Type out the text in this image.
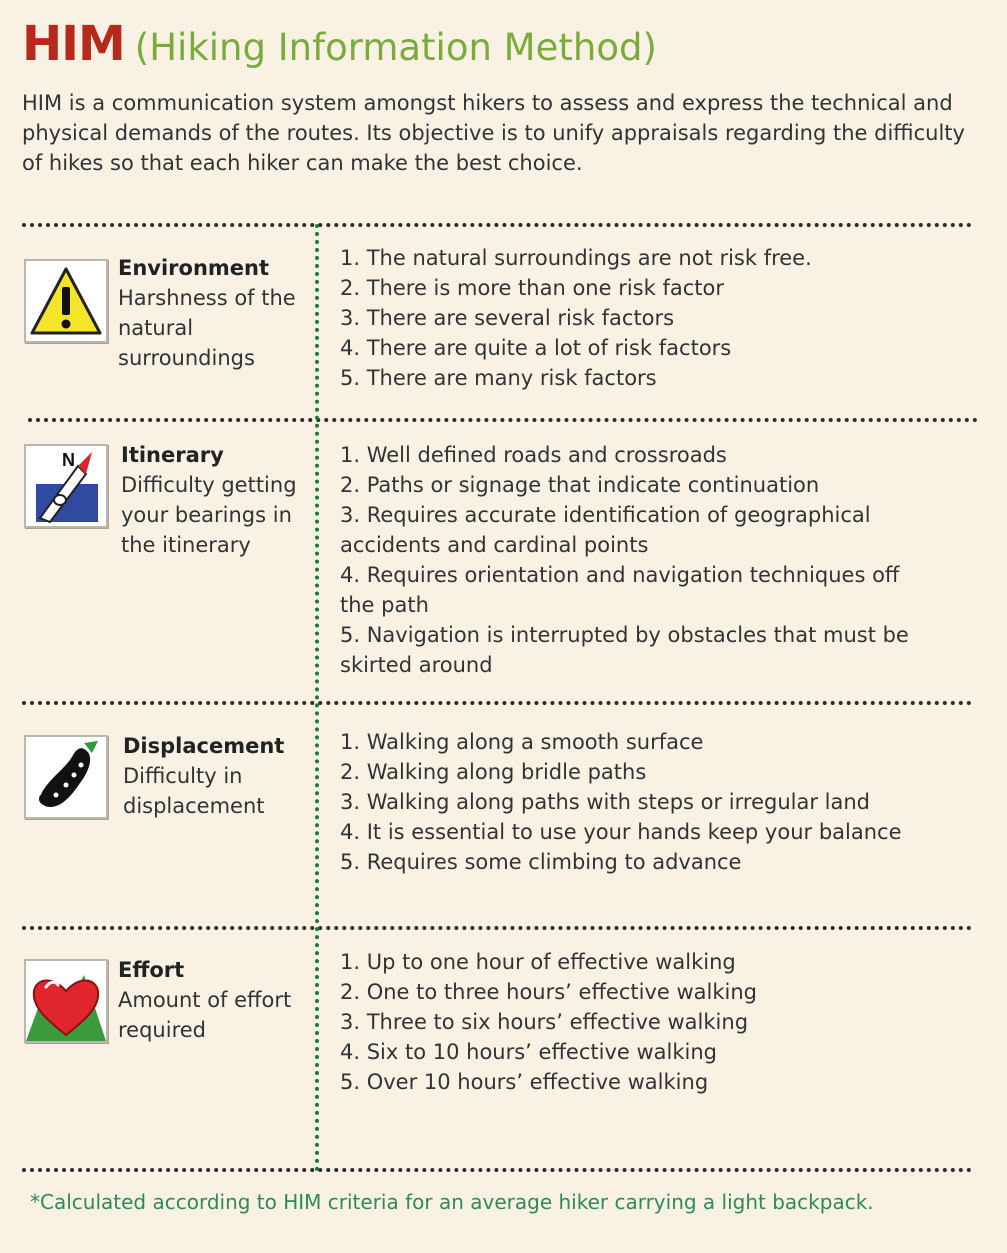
HIM (Hiking Information Method)

HIM is a communication system amongst hikers to assess and express the technical and physical demands of the routes. Its objective is to unify appraisals regarding the difficulty of hikes so that each hiker can make the best choice.

Environment
Harshness of the natural surroundings
1. The natural surroundings are not risk free.
2. There is more than one risk factor
3. There are several risk factors
4. There are quite a lot of risk factors
5. There are many risk factors
N Itinerary
Difficulty getting your bearings in the itinerary
1. Well defined roads and crossroads
2. Paths or signage that indicate continuation
3. Requires accurate identification of geographical accidents and cardinal points
4. Requires orientation and navigation techniques off the path
5. Navigation is interrupted by obstacles that must be skirted around
Displacement
Difficulty in displacement
1. Walking along a smooth surface
2. Walking along bridle paths
3. Walking along paths with steps or irregular land
4. It is essential to use your hands keep your balance
5. Requires some climbing to advance
Effort
Amount of effort required
1. Up to one hour of effective walking
2. One to three hours’ effective walking
3. Three to six hours’ effective walking
4. Six to 10 hours’ effective walking
5. Over 10 hours’ effective walking
*Calculated according to HIM criteria for an average hiker carrying a light backpack.
